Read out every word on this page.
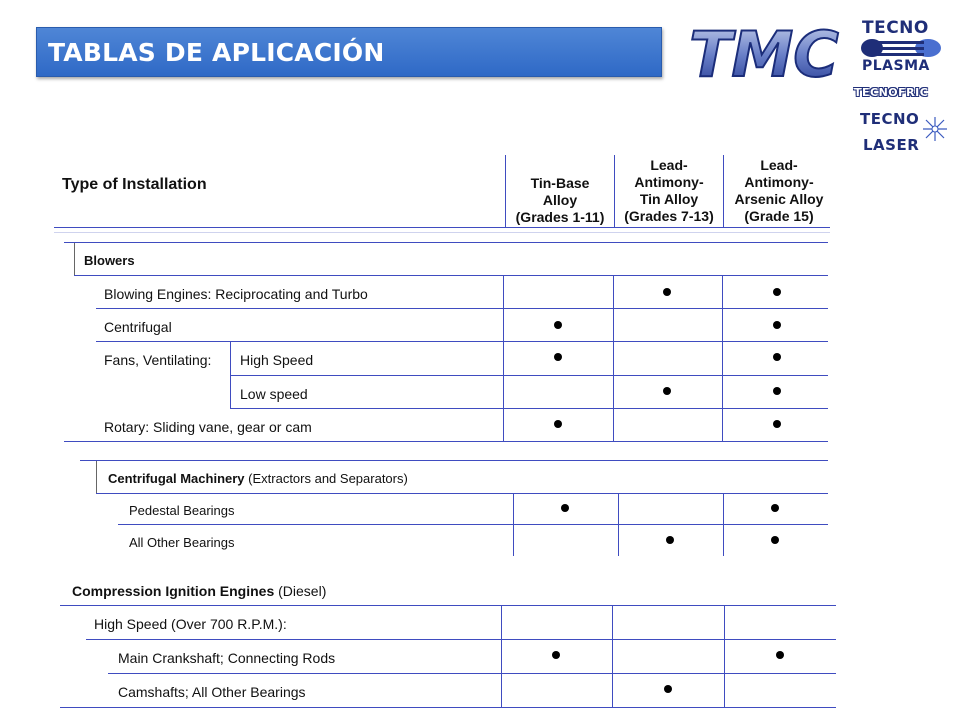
TABLAS DE APLICACIÓN	TMC TECNO
PLASMA
TECNOFRIC
TECNO
LASER
Type of Installation	Tin-Base
Alloy
(Grades 1-11)
Lead-
Antimony-
Tin Alloy
(Grades 7-13)
Lead-
Antimony-
Arsenic Alloy
(Grade 15)
Blowers
Blowing Engines: Reciprocating and Turbo
Centrifugal
Fans, Ventilating: High Speed
Low speed
Rotary: Sliding vane, gear or cam
Centrifugal Machinery (Extractors and Separators)
Pedestal Bearings
All Other Bearings
Compression Ignition Engines (Diesel)
High Speed (Over 700 R.P.M.):
Main Crankshaft; Connecting Rods
Camshafts; All Other Bearings
